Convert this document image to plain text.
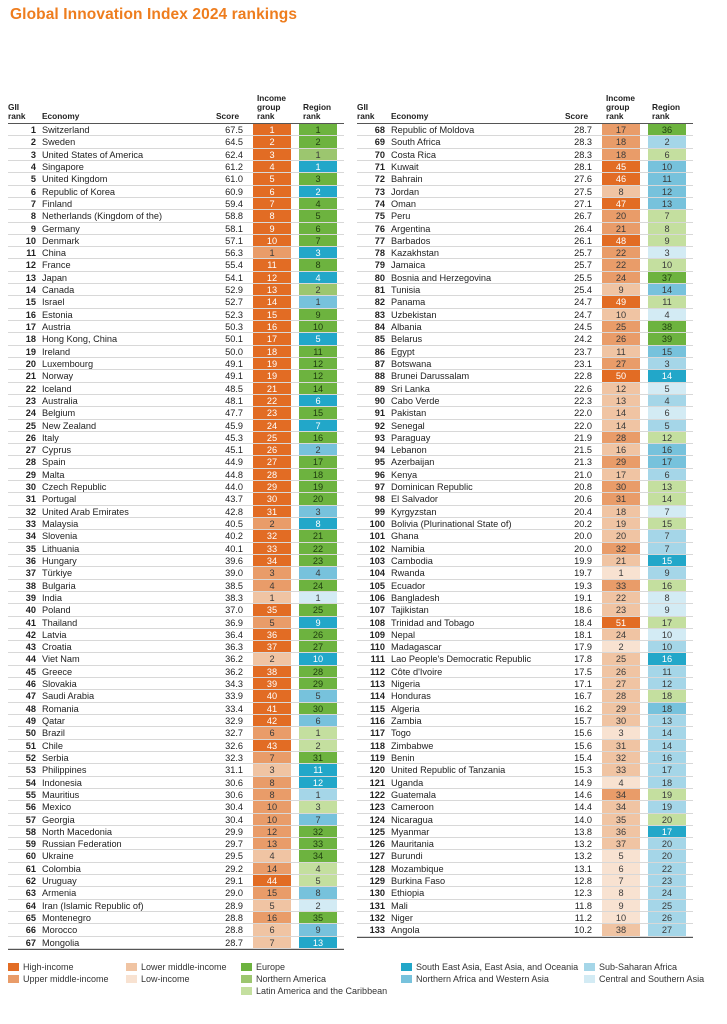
Global Innovation Index 2024 rankings
GII
rank Economy	Score
Income
group
rank
Region
rank
1 Switzerland	67.5	1	1
2 Sweden	64.5	2	2
3 United States of America	62.4	3	1
4 Singapore	61.2	4	1
5 United Kingdom	61.0	5	3
6 Republic of Korea	60.9	6	2
7 Finland	59.4	7	4
8 Netherlands (Kingdom of the)	58.8	8	5
9 Germany	58.1	9	6
10 Denmark	57.1	10	7
11 China	56.3	1	3
12 France	55.4	11	8
13 Japan	54.1	12	4
14 Canada	52.9	13	2
15 Israel	52.7	14	1
16 Estonia	52.3	15	9
17 Austria	50.3	16	10
18 Hong Kong, China	50.1	17	5
19 Ireland	50.0	18	11
20 Luxembourg	49.1	19	12
21 Norway	49.1	19	12
22 Iceland	48.5	21	14
23 Australia	48.1	22	6
24 Belgium	47.7	23	15
25 New Zealand	45.9	24	7
26 Italy	45.3	25	16
27 Cyprus	45.1	26	2
28 Spain	44.9	27	17
29 Malta	44.8	28	18
30 Czech Republic	44.0	29	19
31 Portugal	43.7	30	20
32 United Arab Emirates	42.8	31	3
33 Malaysia	40.5	2	8
34 Slovenia	40.2	32	21
35 Lithuania	40.1	33	22
36 Hungary	39.6	34	23
37 Türkiye	39.0	3	4
38 Bulgaria	38.5	4	24
39 India	38.3	1	1
40 Poland	37.0	35	25
41 Thailand	36.9	5	9
42 Latvia	36.4	36	26
43 Croatia	36.3	37	27
44 Viet Nam	36.2	2	10
45 Greece	36.2	38	28
46 Slovakia	34.3	39	29
47 Saudi Arabia	33.9	40	5
48 Romania	33.4	41	30
49 Qatar	32.9	42	6
50 Brazil	32.7	6	1
51 Chile	32.6	43	2
52 Serbia	32.3	7	31
53 Philippines	31.1	3	11
54 Indonesia	30.6	8	12
55 Mauritius	30.6	8	1
56 Mexico	30.4	10	3
57 Georgia	30.4	10	7
58 North Macedonia	29.9	12	32
59 Russian Federation	29.7	13	33
60 Ukraine	29.5	4	34
61 Colombia	29.2	14	4
62 Uruguay	29.1	44	5
63 Armenia	29.0	15	8
64 Iran (Islamic Republic of)	28.9	5	2
65 Montenegro	28.8	16	35
66 Morocco	28.8	6	9
67 Mongolia	28.7	7	13
GII
rank Economy	Score
Income
group
rank
Region
rank
68 Republic of Moldova	28.7	17	36
69 South Africa	28.3	18	2
70 Costa Rica	28.3	18	6
71 Kuwait	28.1	45	10
72 Bahrain	27.6	46	11
73 Jordan	27.5	8	12
74 Oman	27.1	47	13
75 Peru	26.7	20	7
76 Argentina	26.4	21	8
77 Barbados	26.1	48	9
78 Kazakhstan	25.7	22	3
79 Jamaica	25.7	22	10
80 Bosnia and Herzegovina	25.5	24	37
81 Tunisia	25.4	9	14
82 Panama	24.7	49	11
83 Uzbekistan	24.7	10	4
84 Albania	24.5	25	38
85 Belarus	24.2	26	39
86 Egypt	23.7	11	15
87 Botswana	23.1	27	3
88 Brunei Darussalam	22.8	50	14
89 Sri Lanka	22.6	12	5
90 Cabo Verde	22.3	13	4
91 Pakistan	22.0	14	6
92 Senegal	22.0	14	5
93 Paraguay	21.9	28	12
94 Lebanon	21.5	16	16
95 Azerbaijan	21.3	29	17
96 Kenya	21.0	17	6
97 Dominican Republic	20.8	30	13
98 El Salvador	20.6	31	14
99 Kyrgyzstan	20.4	18	7
100 Bolivia (Plurinational State of)	20.2	19	15
101 Ghana	20.0	20	7
102 Namibia	20.0	32	7
103 Cambodia	19.9	21	15
104 Rwanda	19.7	1	9
105 Ecuador	19.3	33	16
106 Bangladesh	19.1	22	8
107 Tajikistan	18.6	23	9
108 Trinidad and Tobago	18.4	51	17
109 Nepal	18.1	24	10
110 Madagascar	17.9	2	10
111 Lao People's Democratic Republic	17.8	25	16
112 Côte d'Ivoire	17.5	26	11
113 Nigeria	17.1	27	12
114 Honduras	16.7	28	18
115 Algeria	16.2	29	18
116 Zambia	15.7	30	13
117 Togo	15.6	3	14
118 Zimbabwe	15.6	31	14
119 Benin	15.4	32	16
120 United Republic of Tanzania	15.3	33	17
121 Uganda	14.9	4	18
122 Guatemala	14.6	34	19
123 Cameroon	14.4	34	19
124 Nicaragua	14.0	35	20
125 Myanmar	13.8	36	17
126 Mauritania	13.2	37	20
127 Burundi	13.2	5	20
128 Mozambique	13.1	6	22
129 Burkina Faso	12.8	7	23
130 Ethiopia	12.3	8	24
131 Mali	11.8	9	25
132 Niger	11.2	10	26
133 Angola	10.2	38	27
High-income
Upper middle-income
Lower middle-income
Low-income
Europe
Northern America
Latin America and the Caribbean
South East Asia, East Asia, and Oceania
Northern Africa and Western Asia
Sub-Saharan Africa
Central and Southern Asia
